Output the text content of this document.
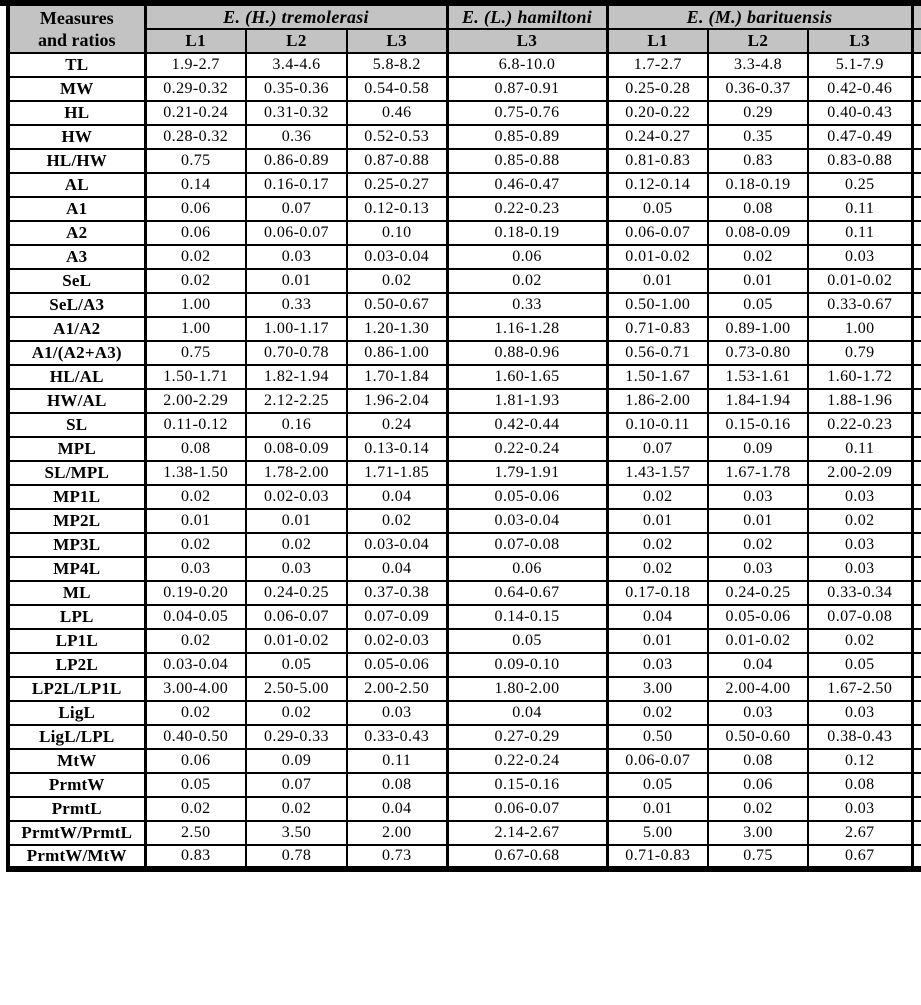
Measures
and ratios	E. (H.) tremolerasi			E. (L.) hamiltoni	E. (M.) barituensis			
	L1	L2	L3	L3	L1	L2	L3	
TL	1.9-2.7	3.4-4.6	5.8-8.2	6.8-10.0	1.7-2.7	3.3-4.8	5.1-7.9	
MW	0.29-0.32	0.35-0.36	0.54-0.58	0.87-0.91	0.25-0.28	0.36-0.37	0.42-0.46	
HL	0.21-0.24	0.31-0.32	0.46	0.75-0.76	0.20-0.22	0.29	0.40-0.43	
HW	0.28-0.32	0.36	0.52-0.53	0.85-0.89	0.24-0.27	0.35	0.47-0.49	
HL/HW	0.75	0.86-0.89	0.87-0.88	0.85-0.88	0.81-0.83	0.83	0.83-0.88	
AL	0.14	0.16-0.17	0.25-0.27	0.46-0.47	0.12-0.14	0.18-0.19	0.25	
A1	0.06	0.07	0.12-0.13	0.22-0.23	0.05	0.08	0.11	
A2	0.06	0.06-0.07	0.10	0.18-0.19	0.06-0.07	0.08-0.09	0.11	
A3	0.02	0.03	0.03-0.04	0.06	0.01-0.02	0.02	0.03	
SeL	0.02	0.01	0.02	0.02	0.01	0.01	0.01-0.02	
SeL/A3	1.00	0.33	0.50-0.67	0.33	0.50-1.00	0.05	0.33-0.67	
A1/A2	1.00	1.00-1.17	1.20-1.30	1.16-1.28	0.71-0.83	0.89-1.00	1.00	
A1/(A2+A3)	0.75	0.70-0.78	0.86-1.00	0.88-0.96	0.56-0.71	0.73-0.80	0.79	
HL/AL	1.50-1.71	1.82-1.94	1.70-1.84	1.60-1.65	1.50-1.67	1.53-1.61	1.60-1.72	
HW/AL	2.00-2.29	2.12-2.25	1.96-2.04	1.81-1.93	1.86-2.00	1.84-1.94	1.88-1.96	
SL	0.11-0.12	0.16	0.24	0.42-0.44	0.10-0.11	0.15-0.16	0.22-0.23	
MPL	0.08	0.08-0.09	0.13-0.14	0.22-0.24	0.07	0.09	0.11	
SL/MPL	1.38-1.50	1.78-2.00	1.71-1.85	1.79-1.91	1.43-1.57	1.67-1.78	2.00-2.09	
MP1L	0.02	0.02-0.03	0.04	0.05-0.06	0.02	0.03	0.03	
MP2L	0.01	0.01	0.02	0.03-0.04	0.01	0.01	0.02	
MP3L	0.02	0.02	0.03-0.04	0.07-0.08	0.02	0.02	0.03	
MP4L	0.03	0.03	0.04	0.06	0.02	0.03	0.03	
ML	0.19-0.20	0.24-0.25	0.37-0.38	0.64-0.67	0.17-0.18	0.24-0.25	0.33-0.34	
LPL	0.04-0.05	0.06-0.07	0.07-0.09	0.14-0.15	0.04	0.05-0.06	0.07-0.08	
LP1L	0.02	0.01-0.02	0.02-0.03	0.05	0.01	0.01-0.02	0.02	
LP2L	0.03-0.04	0.05	0.05-0.06	0.09-0.10	0.03	0.04	0.05	
LP2L/LP1L	3.00-4.00	2.50-5.00	2.00-2.50	1.80-2.00	3.00	2.00-4.00	1.67-2.50	
LigL	0.02	0.02	0.03	0.04	0.02	0.03	0.03	
LigL/LPL	0.40-0.50	0.29-0.33	0.33-0.43	0.27-0.29	0.50	0.50-0.60	0.38-0.43	
MtW	0.06	0.09	0.11	0.22-0.24	0.06-0.07	0.08	0.12	
PrmtW	0.05	0.07	0.08	0.15-0.16	0.05	0.06	0.08	
PrmtL	0.02	0.02	0.04	0.06-0.07	0.01	0.02	0.03	
PrmtW/PrmtL	2.50	3.50	2.00	2.14-2.67	5.00	3.00	2.67	
PrmtW/MtW	0.83	0.78	0.73	0.67-0.68	0.71-0.83	0.75	0.67	
